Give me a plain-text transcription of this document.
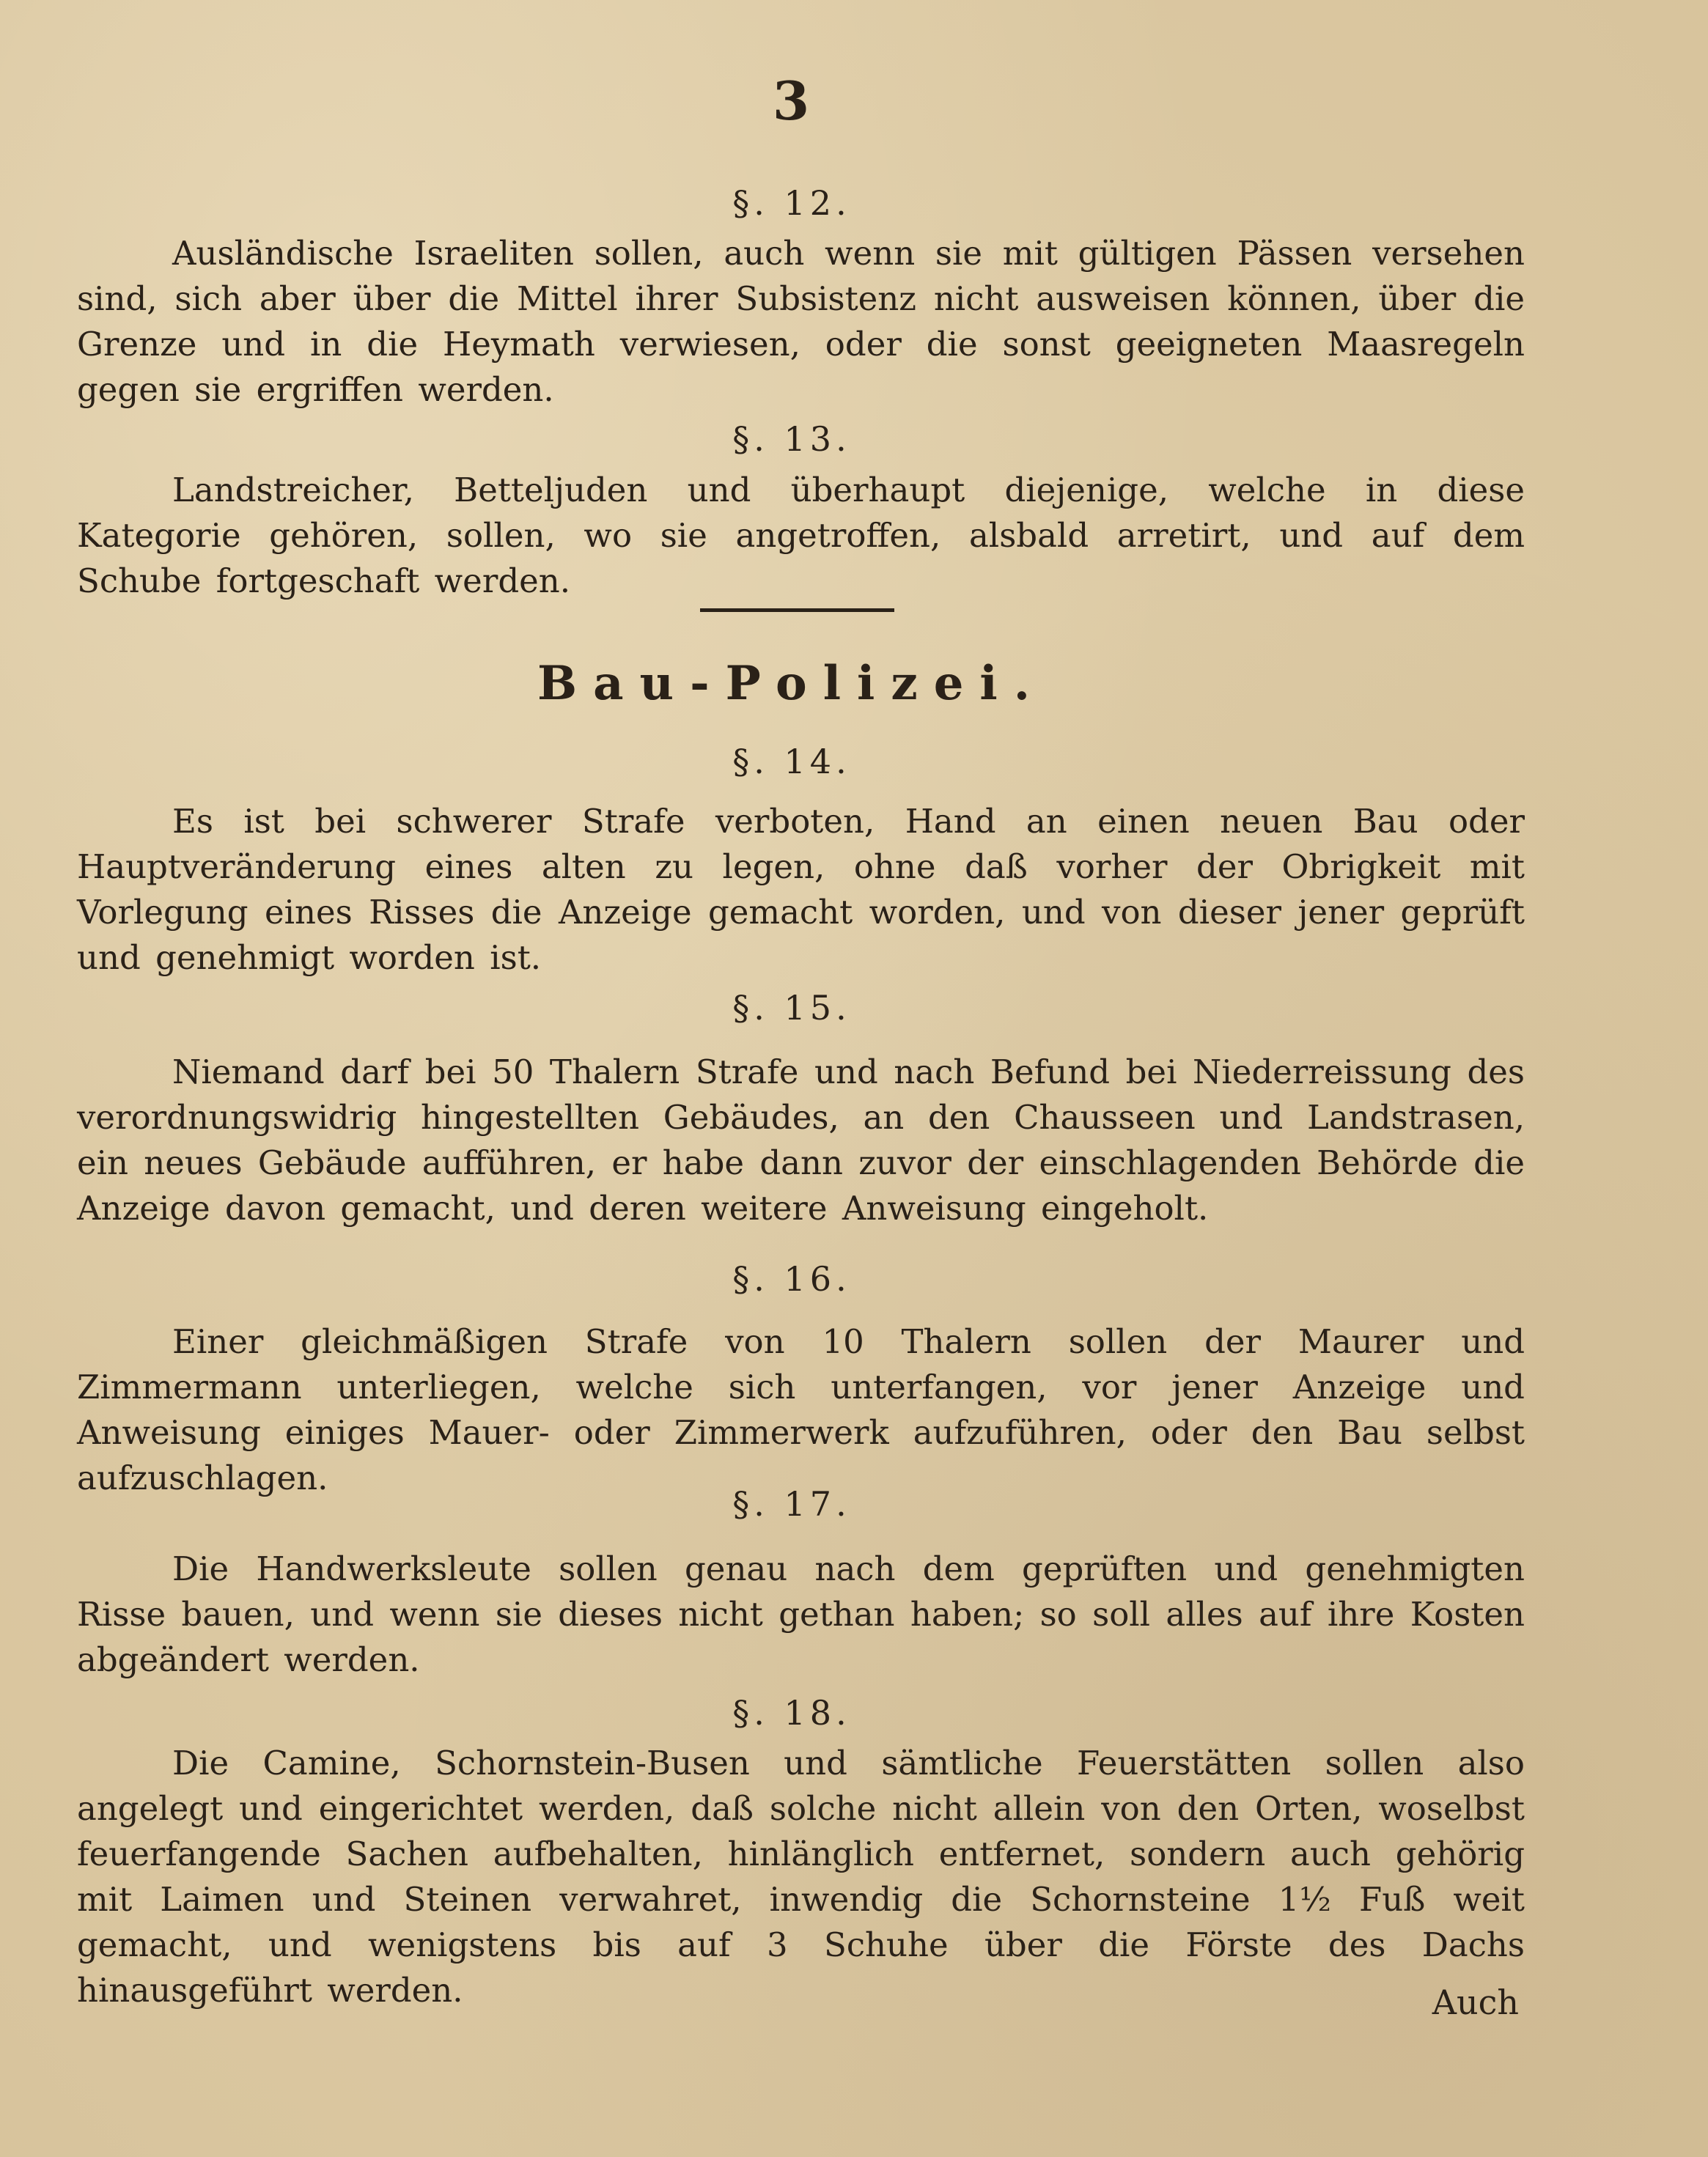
3
§. 12.
Ausländische Israeliten sollen, auch wenn sie mit gültigen Pässen versehen sind, sich aber über die Mittel ihrer Subsistenz nicht ausweisen können, über die Grenze und in die Heymath verwiesen, oder die sonst geeigneten Maasregeln gegen sie ergriffen werden.
§. 13.
Landstreicher, Betteljuden und überhaupt diejenige, welche in diese Kategorie gehören, sollen, wo sie angetroffen, alsbald arretirt, und auf dem Schube fortgeschaft werden.
Bau-Polizei.
§. 14.
Es ist bei schwerer Strafe verboten, Hand an einen neuen Bau oder Hauptveränderung eines alten zu legen, ohne daß vorher der Obrigkeit mit Vorlegung eines Risses die Anzeige gemacht worden, und von dieser jener geprüft und genehmigt worden ist.
§. 15.
Niemand darf bei 50 Thalern Strafe und nach Befund bei Niederreissung des verordnungswidrig hingestellten Gebäudes, an den Chausseen und Landstrasen, ein neues Gebäude aufführen, er habe dann zuvor der einschlagenden Behörde die Anzeige davon gemacht, und deren weitere Anweisung eingeholt.
§. 16.
Einer gleichmäßigen Strafe von 10 Thalern sollen der Maurer und Zimmermann unterliegen, welche sich unterfangen, vor jener Anzeige und Anweisung einiges Mauer- oder Zimmerwerk aufzuführen, oder den Bau selbst aufzuschlagen.
§. 17.
Die Handwerksleute sollen genau nach dem geprüften und genehmigten Risse bauen, und wenn sie dieses nicht gethan haben; so soll alles auf ihre Kosten abgeändert werden.
§. 18.
Die Camine, Schornstein-Busen und sämtliche Feuerstätten sollen also angelegt und eingerichtet werden, daß solche nicht allein von den Orten, woselbst feuerfangende Sachen aufbehalten, hinlänglich entfernet, sondern auch gehörig mit Laimen und Steinen verwahret, inwendig die Schornsteine 1½ Fuß weit gemacht, und wenigstens bis auf 3 Schuhe über die Förste des Dachs hinausgeführt werden.	Auch
